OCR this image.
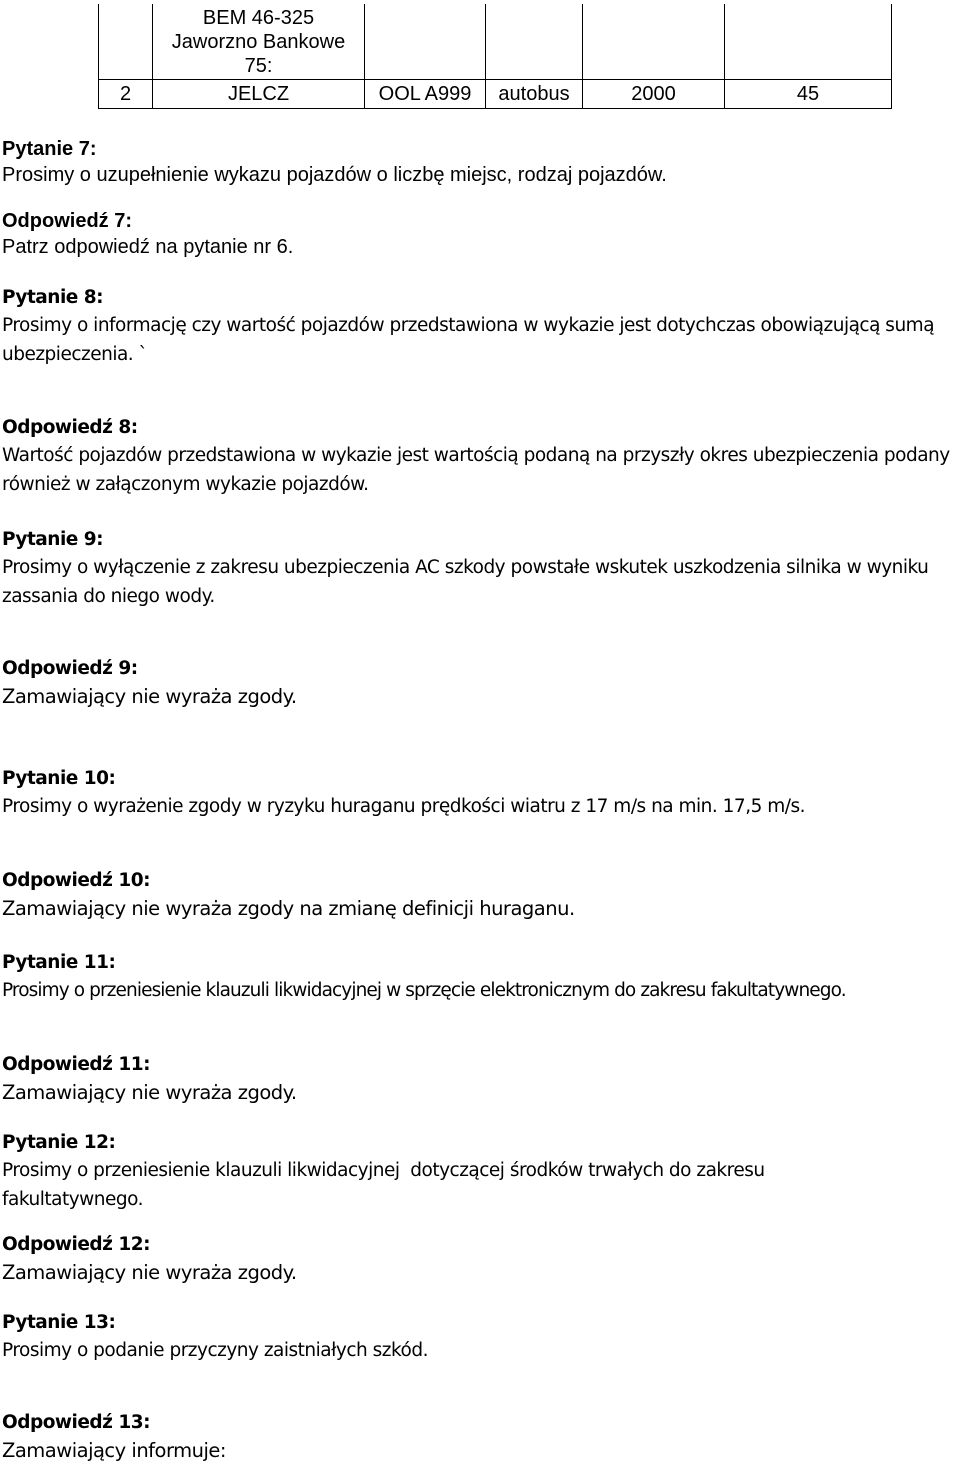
	BEM 46-325
Jaworzno Bankowe
75:				

2	JELCZ	OOL A999	autobus	2000	45
Pytanie 7:
Prosimy o uzupełnienie wykazu pojazdów o liczbę miejsc, rodzaj pojazdów.
Odpowiedź 7:
Patrz odpowiedź na pytanie nr 6.
Pytanie 8:
Prosimy o informację czy wartość pojazdów przedstawiona w wykazie jest dotychczas obowiązującą sumą ubezpieczenia. `
Odpowiedź 8:
Wartość pojazdów przedstawiona w wykazie jest wartością podaną na przyszły okres ubezpieczenia podany również w załączonym wykazie pojazdów.
Pytanie 9:
Prosimy o wyłączenie z zakresu ubezpieczenia AC szkody powstałe wskutek uszkodzenia silnika w wyniku zassania do niego wody.
Odpowiedź 9:
Zamawiający nie wyraża zgody.
Pytanie 10:
Prosimy o wyrażenie zgody w ryzyku huraganu prędkości wiatru z 17 m/s na min. 17,5 m/s.
Odpowiedź 10:
Zamawiający nie wyraża zgody na zmianę definicji huraganu.
Pytanie 11:
Prosimy o przeniesienie klauzuli likwidacyjnej w sprzęcie elektronicznym do zakresu fakultatywnego.
Odpowiedź 11:
Zamawiający nie wyraża zgody.
Pytanie 12:
Prosimy o przeniesienie klauzuli likwidacyjnej  dotyczącej środków trwałych do zakresu
fakultatywnego.
Odpowiedź 12:
Zamawiający nie wyraża zgody.
Pytanie 13:
Prosimy o podanie przyczyny zaistniałych szkód.
Odpowiedź 13:
Zamawiający informuje:
